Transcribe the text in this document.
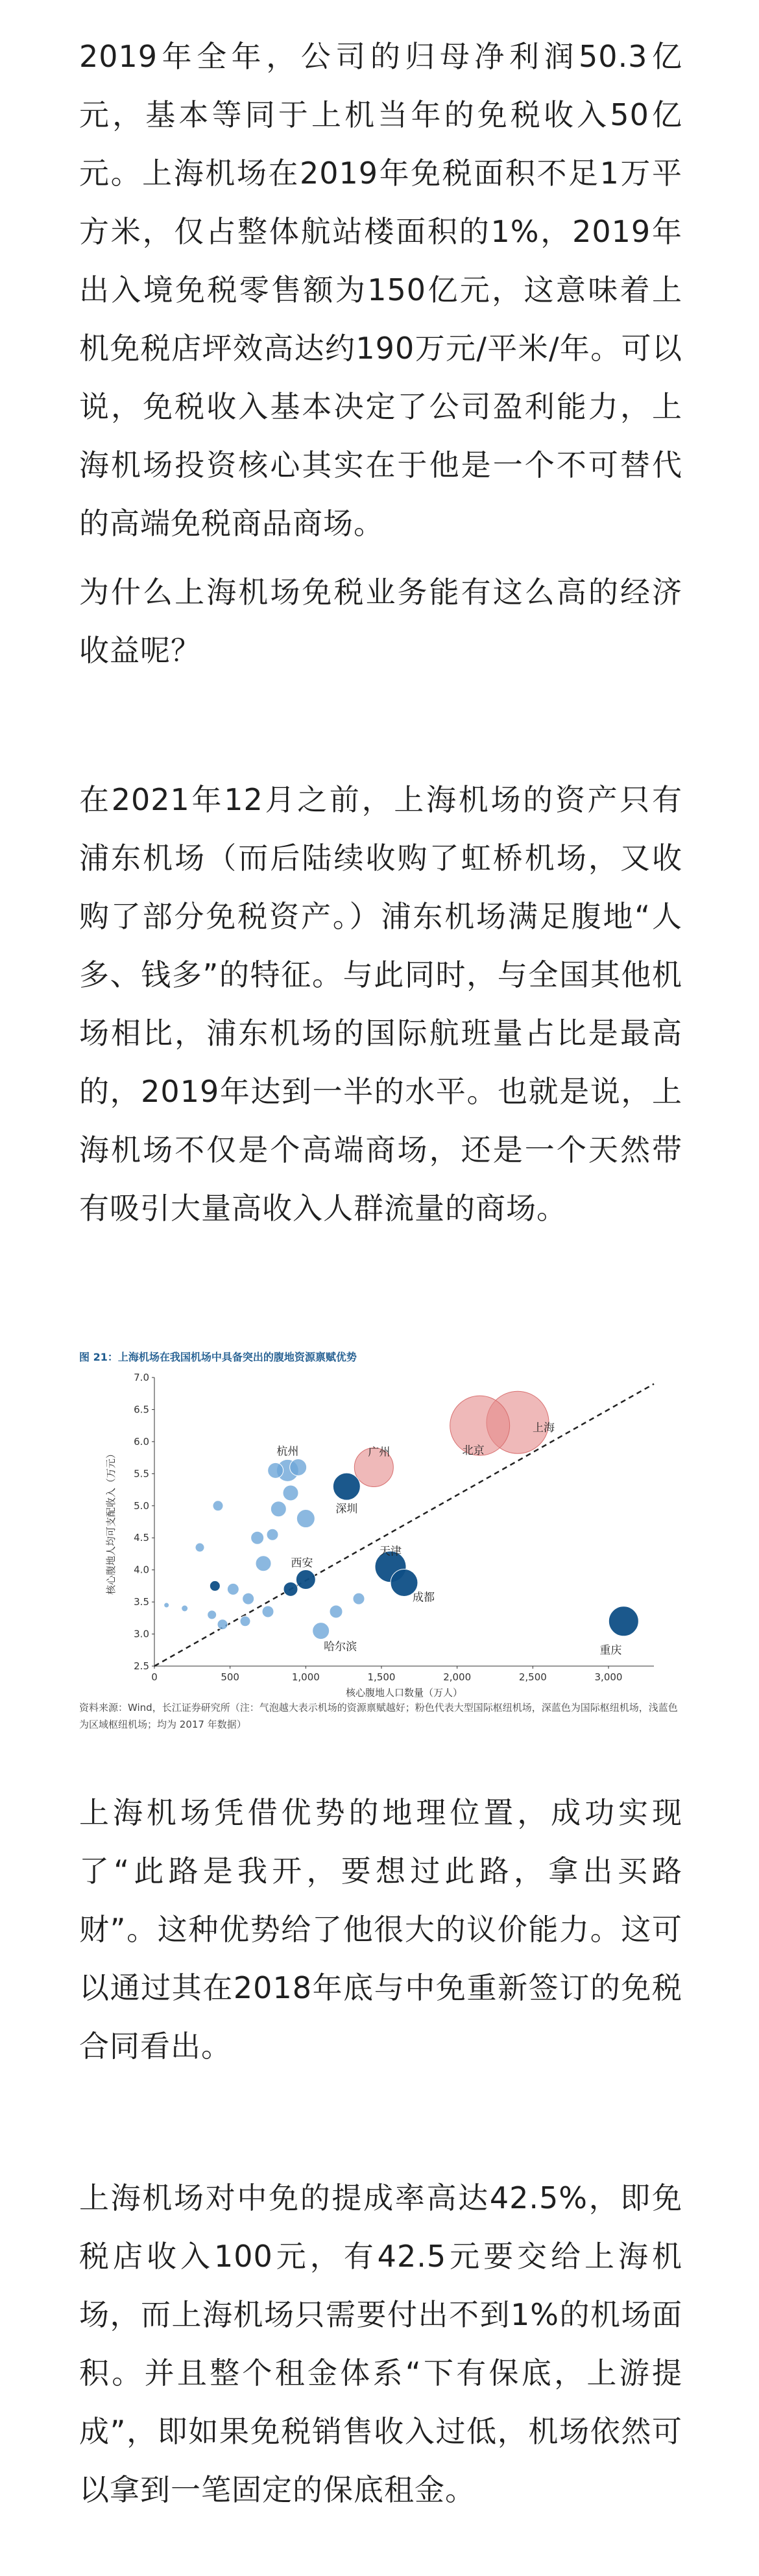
2019年全年，公司的归母净利润50.3亿元，基本等同于上机当年的免税收入50亿元。上海机场在2019年免税面积不足1万平方米，仅占整体航站楼面积的1%，2019年出入境免税零售额为150亿元，这意味着上机免税店坪效高达约190万元/平米/年。可以说，免税收入基本决定了公司盈利能力，上海机场投资核心其实在于他是一个不可替代的高端免税商品商场。

为什么上海机场免税业务能有这么高的经济收益呢？

在2021年12月之前，上海机场的资产只有浦东机场（而后陆续收购了虹桥机场，又收购了部分免税资产。）浦东机场满足腹地“人多、钱多”的特征。与此同时，与全国其他机场相比，浦东机场的国际航班量占比是最高的，2019年达到一半的水平。也就是说，上海机场不仅是个高端商场，还是一个天然带有吸引大量高收入人群流量的商场。

图 21：上海机场在我国机场中具备突出的腹地资源禀赋优势
2.5
3.0
3.5
4.0
4.5
5.0
5.5
6.0
6.5
7.0
0	500	1,000	1,500	2,000	2,500	3,000
核心腹地人口数量（万人）
核心腹地人均可支配收入（万元）
上海
北京
广州
杭州
深圳
天津
成都
西安
哈尔滨	重庆
资料来源：Wind，长江证券研究所（注：气泡越大表示机场的资源禀赋越好；粉色代表大型国际枢纽机场，深蓝色为国际枢纽机场，浅蓝色为区域枢纽机场；均为 2017 年数据）

上海机场凭借优势的地理位置，成功实现了“此路是我开，要想过此路，拿出买路财”。这种优势给了他很大的议价能力。这可以通过其在2018年底与中免重新签订的免税合同看出。

上海机场对中免的提成率高达42.5%，即免税店收入100元，有42.5元要交给上海机场，而上海机场只需要付出不到1%的机场面积。并且整个租金体系“下有保底，上游提成”，即如果免税销售收入过低，机场依然可以拿到一笔固定的保底租金。
